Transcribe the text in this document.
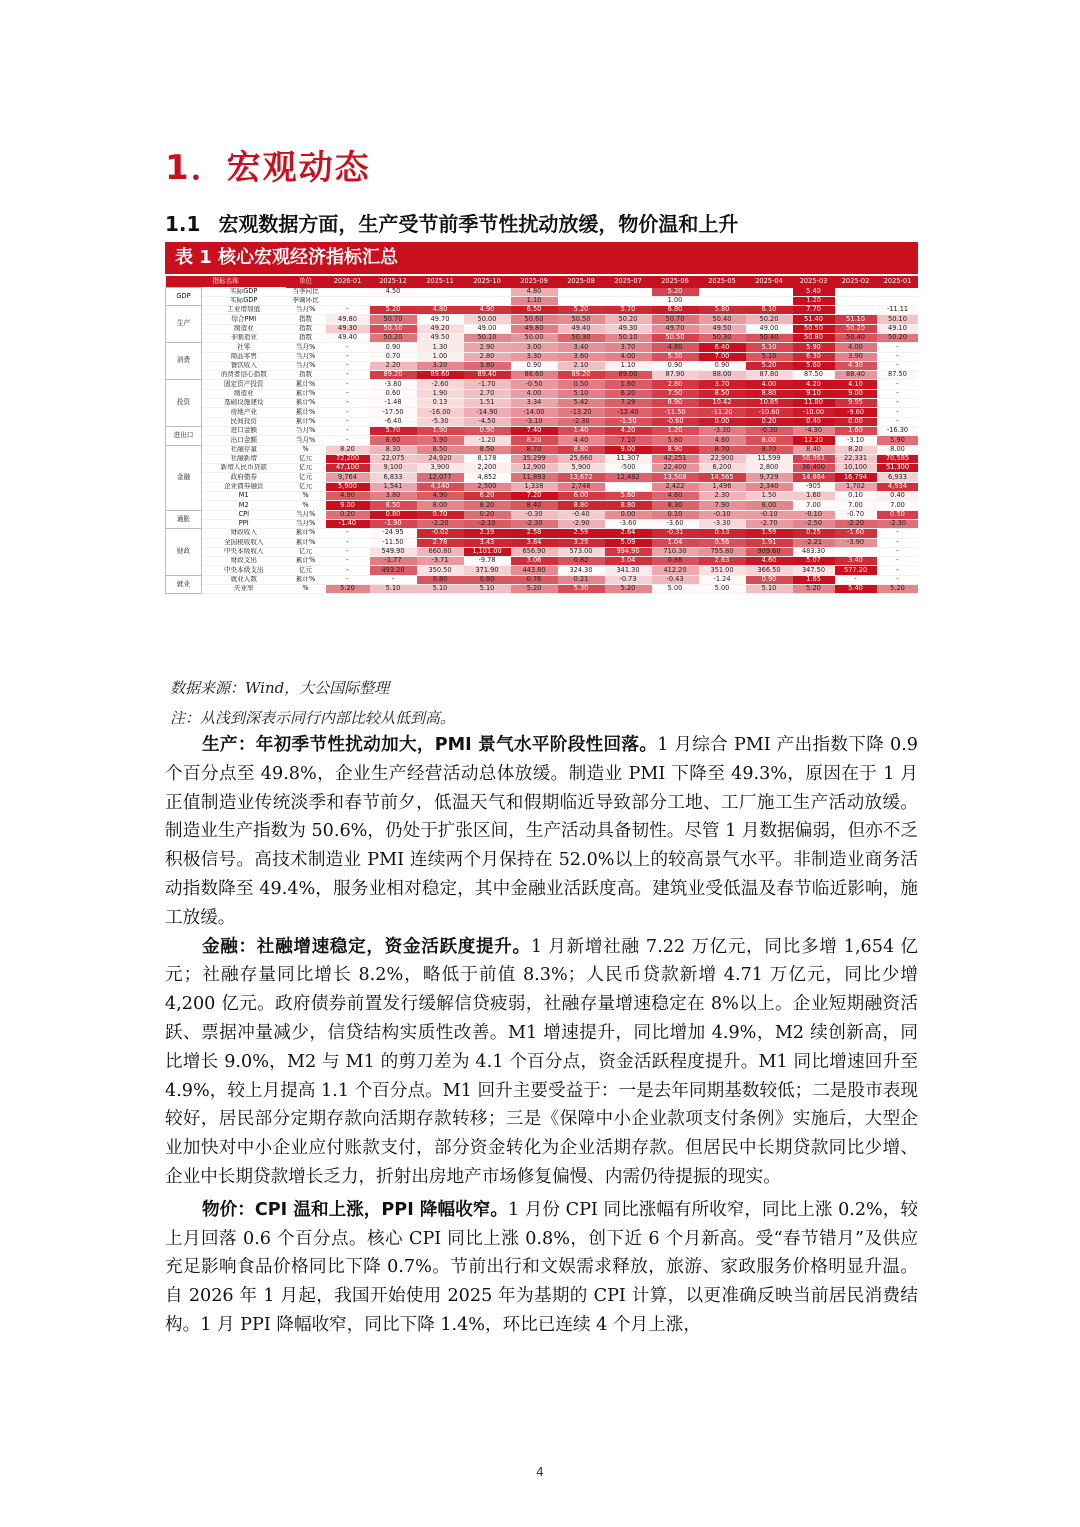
1．宏观动态
1.1 宏观数据方面，生产受节前季节性扰动放缓，物价温和上升
表 1 核心宏观经济指标汇总
指标名称		单位	2026-01	2025-12	2025-11	2025-10	2025-09	2025-08	2025-07	2025-06	2025-05	2025-04	2025-03	2025-02	2025-01
GDP	实际GDP	当季同比		4.50			4.80			5.20			5.40		
	实际GDP	季调环比					1.10			1.00			1.20		
生产	工业增加值	当月%	-	5.20	4.80	4.90	6.50	5.20	5.70	6.80	5.80	6.10	7.70		-11.11
	综合PMI	指数	49.80	50.70	49.70	50.00	50.60	50.50	50.20	50.70	50.40	50.20	51.40	51.10	50.10
	制造业	指数	49.30	50.10	49.20	49.00	49.80	49.40	49.30	49.70	49.50	49.00	50.50	50.20	49.10
	非制造业	指数	49.40	50.20	49.50	50.10	50.00	50.30	50.10	50.50	50.30	50.40	50.80	50.40	50.20
消费	社零	当月%	-	0.90	1.30	2.90	3.00	3.40	3.70	4.80	6.40	5.10	5.90	4.00	-
	商品零售	当月%	-	0.70	1.00	2.80	3.30	3.60	4.00	5.30	7.00	5.10	6.30	3.90	-
	餐饮收入	当月%	-	2.20	3.20	3.80	0.90	2.10	1.10	0.90	0.90	5.20	5.60	4.30	-
	消费者信心指数	指数	-	89.20	89.60	89.40	88.60	89.20	89.00	87.90	88.00	87.80	87.50	88.40	87.50
投资	固定资产投资	累计%	-	-3.80	-2.60	-1.70	-0.50	0.50	1.60	2.80	3.70	4.00	4.20	4.10	-
	制造业	累计%	-	0.60	1.90	2.70	4.00	5.10	6.20	7.50	8.50	8.80	9.10	9.00	-
	基础设施建设	累计%	-	-1.48	0.13	1.51	3.34	5.42	7.29	8.90	10.42	10.85	11.80	9.95	-
	房地产业	累计%	-	-17.50	-16.00	-14.90	-14.00	-13.20	-12.40	-11.50	-11.20	-10.60	-10.00	-9.60	-
	民间投资	累计%	-	-6.40	-5.30	-4.50	-3.10	-2.30	-1.50	-0.60	0.00	0.20	0.40	0.00	-
进出口	进口金额	当月%	-	5.70	1.90	0.90	7.40	1.40	4.20	1.20	-3.30	-0.30	-4.30	1.60	-16.30
	出口金额	当月%	-	6.60	5.90	-1.20	8.20	4.40	7.10	5.80	4.60	8.00	12.20	-3.10	5.90
金融	社融存量	%	8.20	8.30	8.50	8.50	8.70	8.80	9.00	8.90	8.70	8.70	8.40	8.20	8.00
	社融新增	亿元	72,200	22,075	24,920	8,178	35,299	25,660	11,307	42,251	22,900	11,599	58,961	22,331	70,585
	新增人民币贷款	亿元	47,100	9,100	3,900	2,200	12,900	5,900	-500	22,400	6,200	2,800	36,400	10,100	51,300
	政府债券	亿元	9,764	6,833	12,077	4,852	11,893	13,672	12,482	13,508	14,565	9,729	14,864	16,794	6,933
	企业债券融资	亿元	5,900	1,541	4,140	2,500	1,338	2,748		2,422	1,496	2,340	-905	1,702	4,934
	M1	%	4.90	3.80	4.90	6.20	7.20	6.00	5.60	4.60	2.30	1.50	1.60	0.10	0.40
	M2	%	9.00	8.50	8.00	8.20	8.40	8.80	8.80	8.30	7.90	8.00	7.00	7.00	7.00
通胀	CPI	当月%	0.20	0.80	0.70	0.20	-0.30	-0.40	0.00	0.10	-0.10	-0.10	-0.10	-0.70	0.50
	PPI	当月%	-1.40	-1.90	-2.20	-2.10	-2.30	-2.90	-3.60	-3.60	-3.30	-2.70	-2.50	-2.20	-2.30
财政	财政收入	累计%	-	-24.95	-0.02	2.19	2.58	2.59	2.64	-0.31	0.13	1.59	0.25	-1.60	-
	全国税收收入	累计%	-	-11.50	2.78	3.43	3.84	3.29	5.09	1.04	0.56	1.91	-2.21	-3.90	-
	中央本级收入	亿元	-	549.90	660.80	1,101.00	656.90	573.00	994.90	710.30	755.80	909.60	483.30		-
	财政支出	累计%	-	-1.77	-3.71	-9.78	3.06	0.82	3.04	0.88	2.63	4.60	5.07	3.40	-
	中央本级支出	亿元	-	493.20	350.50	371.90	443.80	324.30	341.30	412.20	351.00	366.50	347.50	577.20	-
就业	就业人数	累计%	-	-	0.80	0.80	0.76	0.21	-0.73	-0.43	-1.24	0.90	1.65	-	-
	失业率	%	5.20	5.10	5.10	5.10	5.20	5.30	5.20	5.00	5.00	5.10	5.20	5.40	5.20
数据来源：Wind，大公国际整理
注：从浅到深表示同行内部比较从低到高。

生产：年初季节性扰动加大，PMI 景气水平阶段性回落。1 月综合 PMI 产出指数下降 0.9 个百分点至 49.8%，企业生产经营活动总体放缓。制造业 PMI 下降至 49.3%，原因在于 1 月正值制造业传统淡季和春节前夕，低温天气和假期临近导致部分工地、工厂施工生产活动放缓。制造业生产指数为 50.6%，仍处于扩张区间，生产活动具备韧性。尽管 1 月数据偏弱，但亦不乏积极信号。高技术制造业 PMI 连续两个月保持在 52.0%以上的较高景气水平。非制造业商务活动指数降至 49.4%，服务业相对稳定，其中金融业活跃度高。建筑业受低温及春节临近影响，施工放缓。

金融：社融增速稳定，资金活跃度提升。1 月新增社融 7.22 万亿元，同比多增 1,654 亿元；社融存量同比增长 8.2%，略低于前值 8.3%；人民币贷款新增 4.71 万亿元，同比少增 4,200 亿元。政府债券前置发行缓解信贷疲弱，社融存量增速稳定在 8%以上。企业短期融资活跃、票据冲量减少，信贷结构实质性改善。M1 增速提升，同比增加 4.9%，M2 续创新高，同比增长 9.0%，M2 与 M1 的剪刀差为 4.1 个百分点，资金活跃程度提升。M1 同比增速回升至 4.9%，较上月提高 1.1 个百分点。M1 回升主要受益于：一是去年同期基数较低；二是股市表现较好，居民部分定期存款向活期存款转移；三是《保障中小企业款项支付条例》实施后，大型企业加快对中小企业应付账款支付，部分资金转化为企业活期存款。但居民中长期贷款同比少增、企业中长期贷款增长乏力，折射出房地产市场修复偏慢、内需仍待提振的现实。

物价：CPI 温和上涨，PPI 降幅收窄。1 月份 CPI 同比涨幅有所收窄，同比上涨 0.2%，较上月回落 0.6 个百分点。核心 CPI 同比上涨 0.8%，创下近 6 个月新高。受“春节错月”及供应充足影响食品价格同比下降 0.7%。节前出行和文娱需求释放，旅游、家政服务价格明显升温。自 2026 年 1 月起，我国开始使用 2025 年为基期的 CPI 计算，以更准确反映当前居民消费结构。1 月 PPI 降幅收窄，同比下降 1.4%，环比已连续 4 个月上涨，

4
